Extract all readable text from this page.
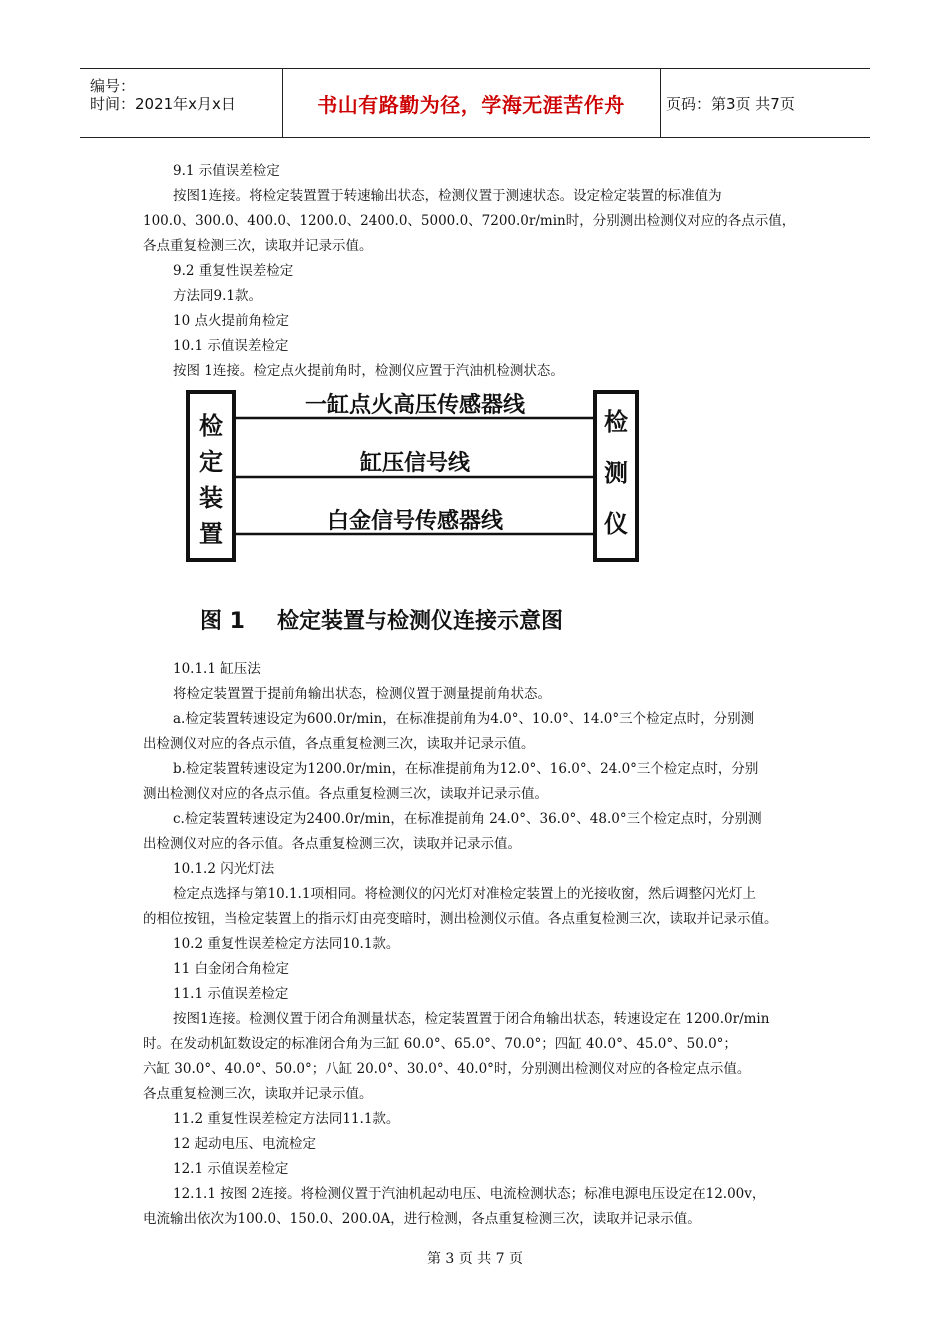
编号：
时间：2021年x月x日	书山有路勤为径，学海无涯苦作舟	页码：第3页 共7页
9.1 示值误差检定
按图1连接。将检定装置置于转速输出状态，检测仪置于测速状态。设定检定装置的标准值为
100.0、300.0、400.0、1200.0、2400.0、5000.0、7200.0r/min时，分别测出检测仪对应的各点示值，
各点重复检测三次，读取并记录示值。
9.2 重复性误差检定
方法同9.1款。
10 点火提前角检定
10.1 示值误差检定
按图 1连接。检定点火提前角时，检测仪应置于汽油机检测状态。
检定装置
检测仪
一缸点火高压传感器线
缸压信号线
白金信号传感器线
图 1 检定装置与检测仪连接示意图
10.1.1 缸压法
将检定装置置于提前角输出状态，检测仪置于测量提前角状态。
a.检定装置转速设定为600.0r/min，在标准提前角为4.0°、10.0°、14.0°三个检定点时，分别测
出检测仪对应的各点示值，各点重复检测三次，读取并记录示值。
b.检定装置转速设定为1200.0r/min，在标准提前角为12.0°、16.0°、24.0°三个检定点时，分别
测出检测仪对应的各点示值。各点重复检测三次，读取并记录示值。
c.检定装置转速设定为2400.0r/min，在标准提前角 24.0°、36.0°、48.0°三个检定点时，分别测
出检测仪对应的各示值。各点重复检测三次，读取并记录示值。
10.1.2 闪光灯法
检定点选择与第10.1.1项相同。将检测仪的闪光灯对准检定装置上的光接收窗，然后调整闪光灯上
的相位按钮，当检定装置上的指示灯由亮变暗时，测出检测仪示值。各点重复检测三次，读取并记录示值。
10.2 重复性误差检定方法同10.1款。
11 白金闭合角检定
11.1 示值误差检定
按图1连接。检测仪置于闭合角测量状态，检定装置置于闭合角输出状态，转速设定在 1200.0r/min
时。在发动机缸数设定的标准闭合角为三缸 60.0°、65.0°、70.0°；四缸 40.0°、45.0°、50.0°；
六缸 30.0°、40.0°、50.0°；八缸 20.0°、30.0°、40.0°时，分别测出检测仪对应的各检定点示值。
各点重复检测三次，读取并记录示值。
11.2 重复性误差检定方法同11.1款。
12 起动电压、电流检定
12.1 示值误差检定
12.1.1 按图 2连接。将检测仪置于汽油机起动电压、电流检测状态；标准电源电压设定在12.00v，
电流输出依次为100.0、150.0、200.0A，进行检测，各点重复检测三次，读取并记录示值。
第 3 页 共 7 页
